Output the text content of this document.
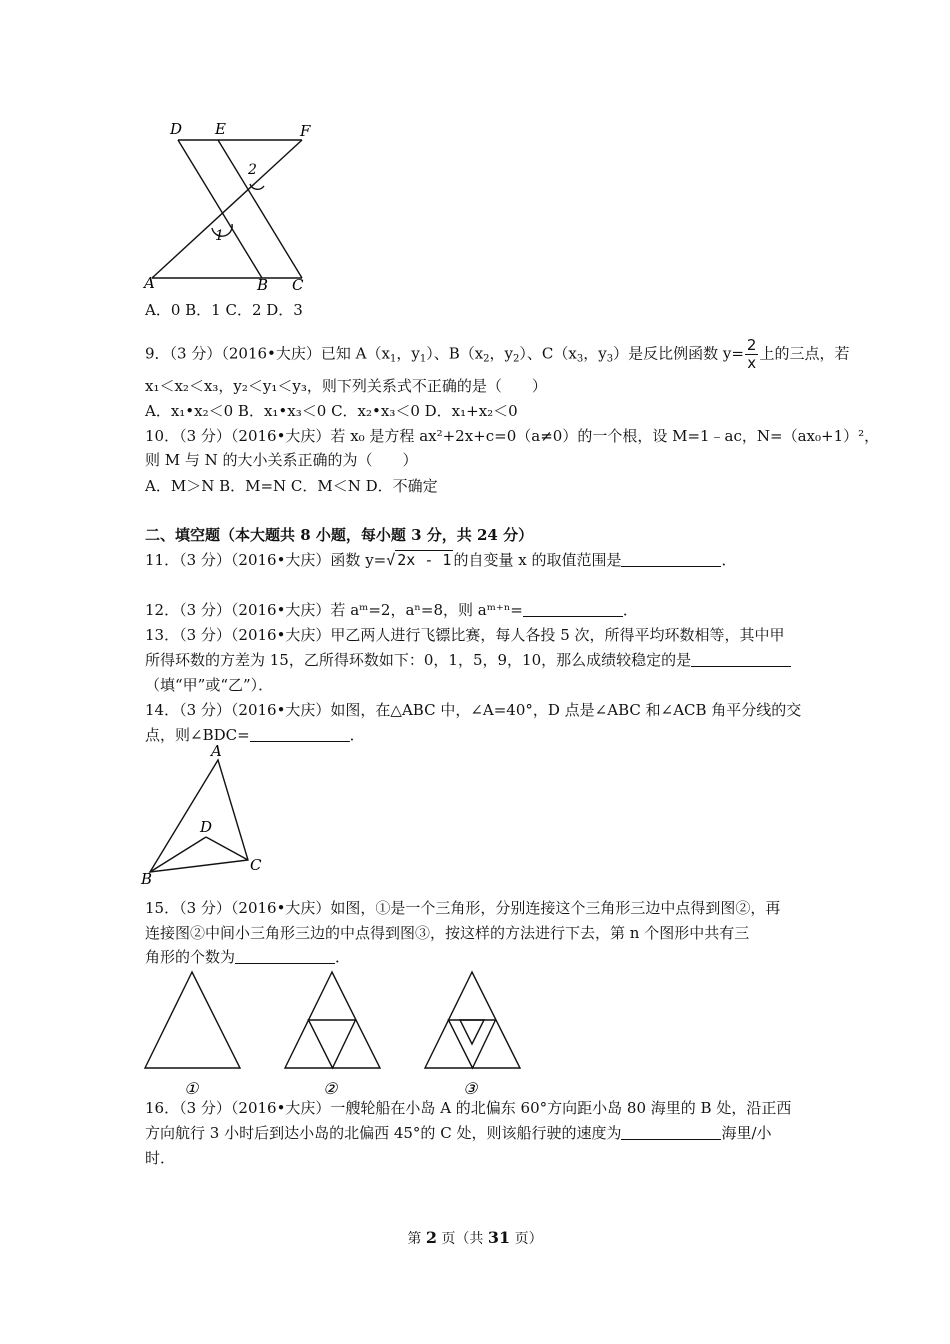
D E	F
A	B C
1
2
A．0 B．1 C．2 D．3
9．（3 分）（2016•大庆）已知 $A(x_1$，$y_1$）、$B(x_2$，$y_2$）、$C(x_3$，$y_3$）是反比例函数 $y= \frac{2}{x}$ 上的三点，若
x₁＜x₂＜x₃，y₂＜y₁＜y₃，则下列关系式不正确的是（　　）
A．x₁•x₂＜0 B．x₁•x₃＜0 C．x₂•x₃＜0 D．x₁+x₂＜0
10．（3 分）（2016•大庆）若 x₀ 是方程 ax²+2x+c=0（a≠0）的一个根，设 M=1﹣ac，N=（ax₀+1）²，
则 M 与 N 的大小关系正确的为（　　）
A．M＞N B．M=N C．M＜N D．不确定
二、填空题（本大题共 8 小题，每小题 3 分，共 24 分）
11．（3 分）（2016•大庆）函数 y=√ 2x - 1 的自变量 x 的取值范围是	．
12．（3 分）（2016•大庆）若 aᵐ=2，aⁿ=8，则 aᵐ⁺ⁿ=	．
13．（3 分）（2016•大庆）甲乙两人进行飞镖比赛，每人各投 5 次，所得平均环数相等，其中甲
所得环数的方差为 15，乙所得环数如下：0，1，5，9，10，那么成绩较稳定的是
（填“甲”或“乙”）．
14．（3 分）（2016•大庆）如图，在△ABC 中，∠A=40°，D 点是∠ABC 和∠ACB 角平分线的交
点，则∠BDC=	．
A
D
B
C
15．（3 分）（2016•大庆）如图，①是一个三角形，分别连接这个三角形三边中点得到图②，再
连接图②中间小三角形三边的中点得到图③，按这样的方法进行下去，第 n 个图形中共有三
角形的个数为	．
①	②	③
16．（3 分）（2016•大庆）一艘轮船在小岛 A 的北偏东 60°方向距小岛 80 海里的 B 处，沿正西
方向航行 3 小时后到达小岛的北偏西 45°的 C 处，则该船行驶的速度为	海里/小
时．
第 2 页（共 31 页）
